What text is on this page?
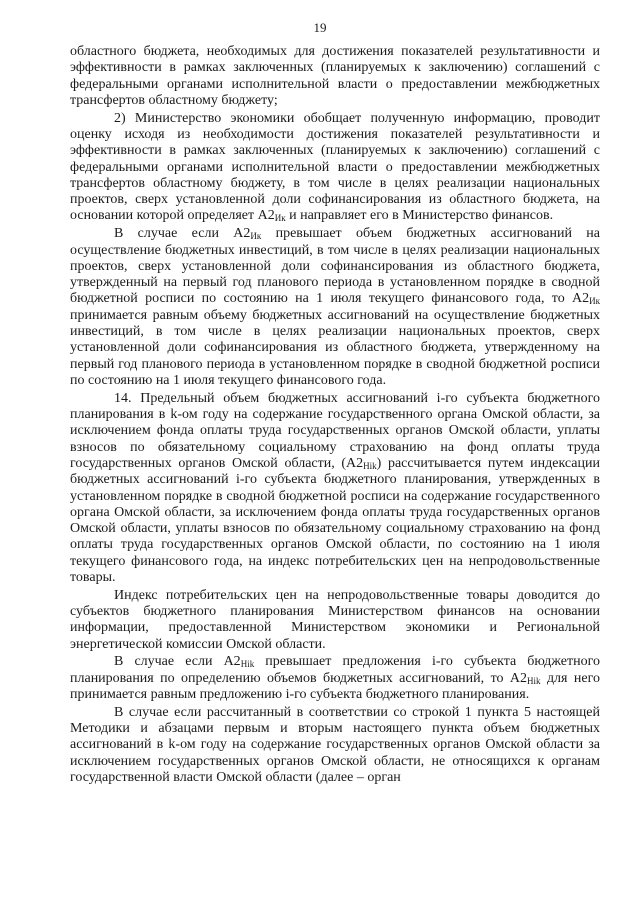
19

областного бюджета, необходимых для достижения показателей результативности и эффективности в рамках заключенных (планируемых к заключению) соглашений с федеральными органами исполнительной власти о предоставлении межбюджетных трансфертов областному бюджету;

2) Министерство экономики обобщает полученную информацию, проводит оценку исходя из необходимости достижения показателей результативности и эффективности в рамках заключенных (планируемых к заключению) соглашений с федеральными органами исполнительной власти о предоставлении межбюджетных трансфертов областному бюджету, в том числе в целях реализации национальных проектов, сверх установленной доли софинансирования из областного бюджета, на основании которой определяет $А2_{Ик}$ и направляет его в Министерство финансов.

В случае если $А2_{Ик}$ превышает объем бюджетных ассигнований на осуществление бюджетных инвестиций, в том числе в целях реализации национальных проектов, сверх установленной доли софинансирования из областного бюджета, утвержденный на первый год планового периода в установленном порядке в сводной бюджетной росписи по состоянию на 1 июля текущего финансового года, то $А2_{Ик}$ принимается равным объему бюджетных ассигнований на осуществление бюджетных инвестиций, в том числе в целях реализации национальных проектов, сверх установленной доли софинансирования из областного бюджета, утвержденному на первый год планового периода в установленном порядке в сводной бюджетной росписи по состоянию на 1 июля текущего финансового года.

14. Предельный объем бюджетных ассигнований i-го субъекта бюджетного планирования в k-ом году на содержание государственного органа Омской области, за исключением фонда оплаты труда государственных органов Омской области, уплаты взносов по обязательному социальному страхованию на фонд оплаты труда государственных органов Омской области, $(А2_{Hik})$ рассчитывается путем индексации бюджетных ассигнований i-го субъекта бюджетного планирования, утвержденных в установленном порядке в сводной бюджетной росписи на содержание государственного органа Омской области, за исключением фонда оплаты труда государственных органов Омской области, уплаты взносов по обязательному социальному страхованию на фонд оплаты труда государственных органов Омской области, по состоянию на 1 июля текущего финансового года, на индекс потребительских цен на непродовольственные товары.

Индекс потребительских цен на непродовольственные товары доводится до субъектов бюджетного планирования Министерством финансов на основании информации, предоставленной Министерством экономики и Региональной энергетической комиссии Омской области.

В случае если $А2_{Hik}$ превышает предложения i-го субъекта бюджетного планирования по определению объемов бюджетных ассигнований, то $А2_{Hik}$ для него принимается равным предложению i-го субъекта бюджетного планирования.

В случае если рассчитанный в соответствии со строкой 1 пункта 5 настоящей Методики и абзацами первым и вторым настоящего пункта объем бюджетных ассигнований в k-ом году на содержание государственных органов Омской области за исключением государственных органов Омской области, не относящихся к органам государственной власти Омской области (далее – орган
